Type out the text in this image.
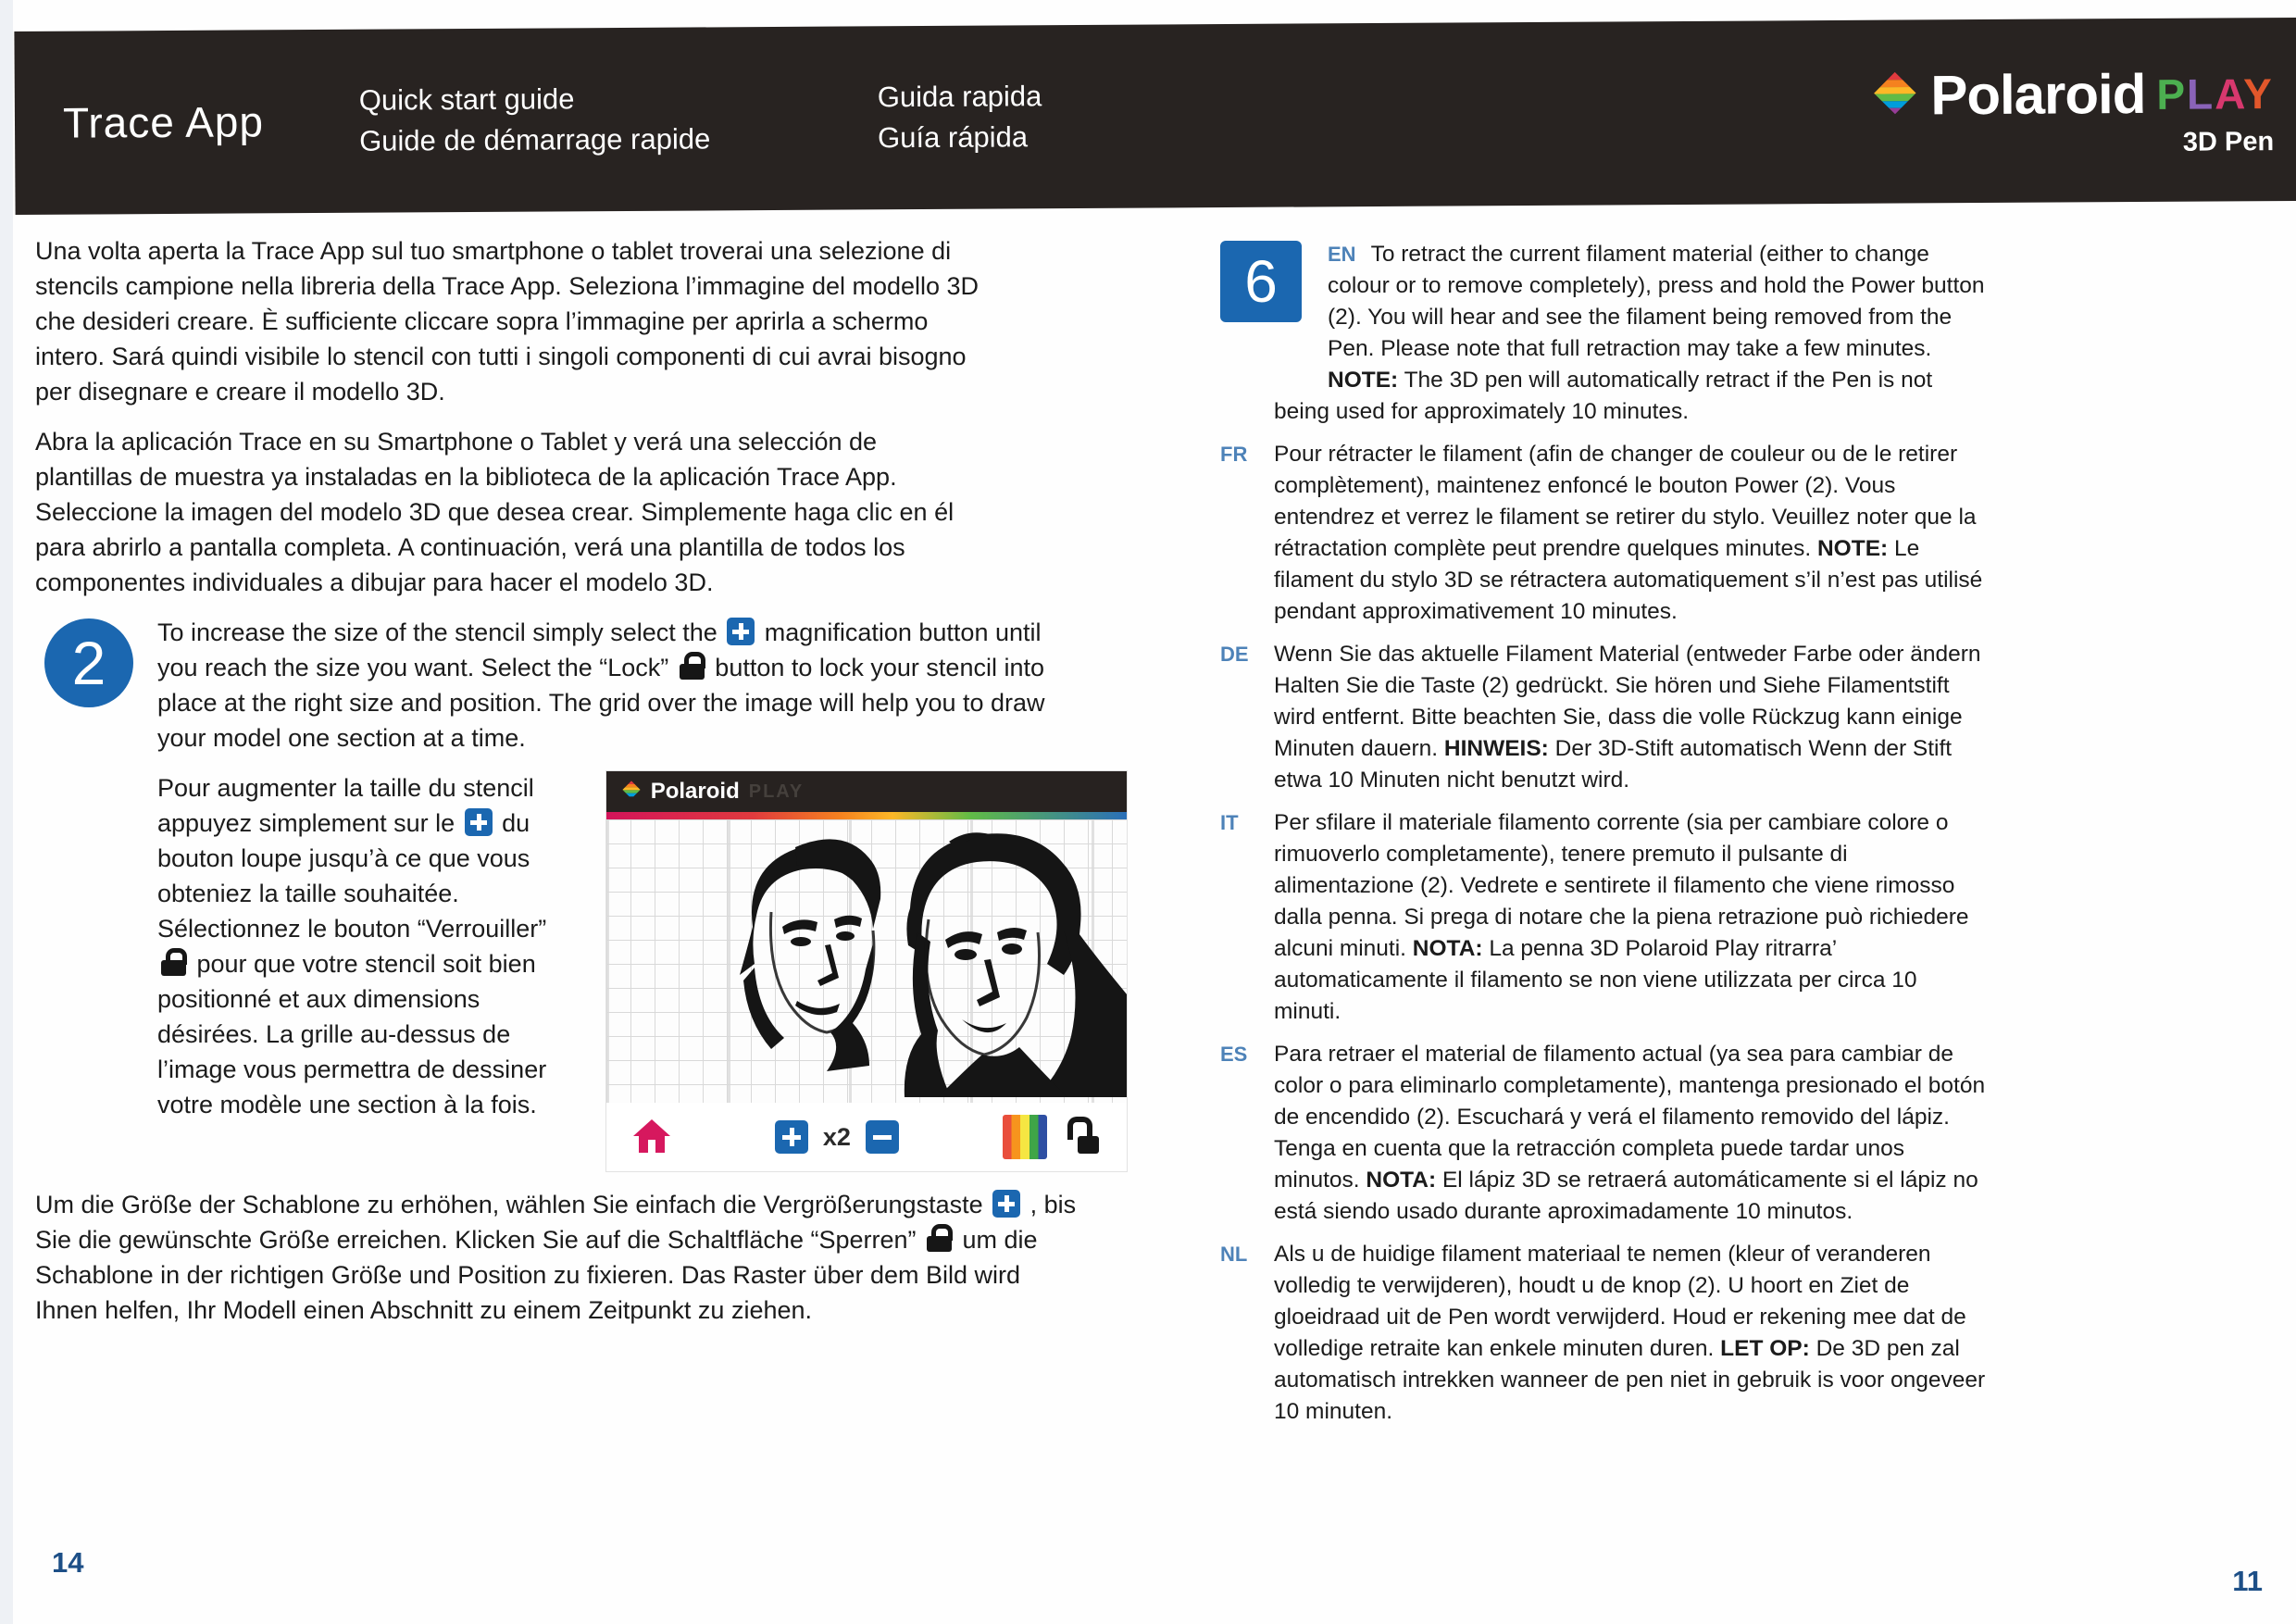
Trace App	Quick start guide
Guide de démarrage rapide
Guida rapida
Guía rápida
Polaroid PLAY
3D Pen

Una volta aperta la Trace App sul tuo smartphone o tablet troverai una selezione di stencils campione nella libreria della Trace App. Seleziona l’immagine del modello 3D che desideri creare. È sufficiente cliccare sopra l’immagine per aprirla a schermo intero. Sará quindi visibile lo stencil con tutti i singoli componenti di cui avrai bisogno per disegnare e creare il modello 3D.

Abra la aplicación Trace en su Smartphone o Tablet y verá una selección de plantillas de muestra ya instaladas en la biblioteca de la aplicación Trace App. Seleccione la imagen del modelo 3D que desea crear. Simplemente haga clic en él para abrirlo a pantalla completa. A continuación, verá una plantilla de todos los componentes individuales a dibujar para hacer el modelo 3D.

2	To increase the size of the stencil simply select the  magnification button until you reach the size you want. Select the “Lock”  button to lock your stencil into place at the right size and position. The grid over the image will help you to draw your model one section at a time.

Pour augmenter la taille du stencil appuyez simplement sur le  du bouton loupe jusqu’à ce que vous obteniez la taille souhaitée. Sélectionnez le bouton “Verrouiller”  pour que votre stencil soit bien positionné et aux dimensions désirées. La grille au-dessus de l’image vous permettra de dessiner votre modèle une section à la fois.

Polaroid PLAY
x2

Um die Größe der Schablone zu erhöhen, wählen Sie einfach die Vergrößerungstaste  , bis Sie die gewünschte Größe erreichen. Klicken Sie auf die Schaltfläche “Sperren”  um die Schablone in der richtigen Größe und Position zu fixieren. Das Raster über dem Bild wird Ihnen helfen, Ihr Modell einen Abschnitt zu einem Zeitpunkt zu ziehen.

6	EN To retract the current filament material (either to change colour or to remove completely), press and hold the Power button (2). You will hear and see the filament being removed from the Pen. Please note that full retraction may take a few minutes. NOTE: The 3D pen will automatically retract if the Pen is not being used for approximately 10 minutes.

FR Pour rétracter le filament (afin de changer de couleur ou de le retirer complètement), maintenez enfoncé le bouton Power (2). Vous entendrez et verrez le filament se retirer du stylo. Veuillez noter que la rétractation complète peut prendre quelques minutes. NOTE: Le filament du stylo 3D se rétractera automatiquement s’il n’est pas utilisé pendant approximativement 10 minutes.

DE Wenn Sie das aktuelle Filament Material (entweder Farbe oder ändern Halten Sie die Taste (2) gedrückt. Sie hören und Siehe Filamentstift wird entfernt. Bitte beachten Sie, dass die volle Rückzug kann einige Minuten dauern. HINWEIS: Der 3D-Stift automatisch Wenn der Stift etwa 10 Minuten nicht benutzt wird.

IT Per sfilare il materiale filamento corrente (sia per cambiare colore o rimuoverlo completamente), tenere premuto il pulsante di alimentazione (2). Vedrete e sentirete il filamento che viene rimosso dalla penna. Si prega di notare che la piena retrazione può richiedere alcuni minuti. NOTA: La penna 3D Polaroid Play ritrarra’ automaticamente il filamento se non viene utilizzata per circa 10 minuti.

ES Para retraer el material de filamento actual (ya sea para cambiar de color o para eliminarlo completamente), mantenga presionado el botón de encendido (2). Escuchará y verá el filamento removido del lápiz. Tenga en cuenta que la retracción completa puede tardar unos minutos. NOTA: El lápiz 3D se retraerá automáticamente si el lápiz no está siendo usado durante aproximadamente 10 minutos.

NL Als u de huidige filament materiaal te nemen (kleur of veranderen volledig te verwijderen), houdt u de knop (2). U hoort en Ziet de gloeidraad uit de Pen wordt verwijderd. Houd er rekening mee dat de volledige retraite kan enkele minuten duren. LET OP: De 3D pen zal automatisch intrekken wanneer de pen niet in gebruik is voor ongeveer 10 minuten.

14
11
